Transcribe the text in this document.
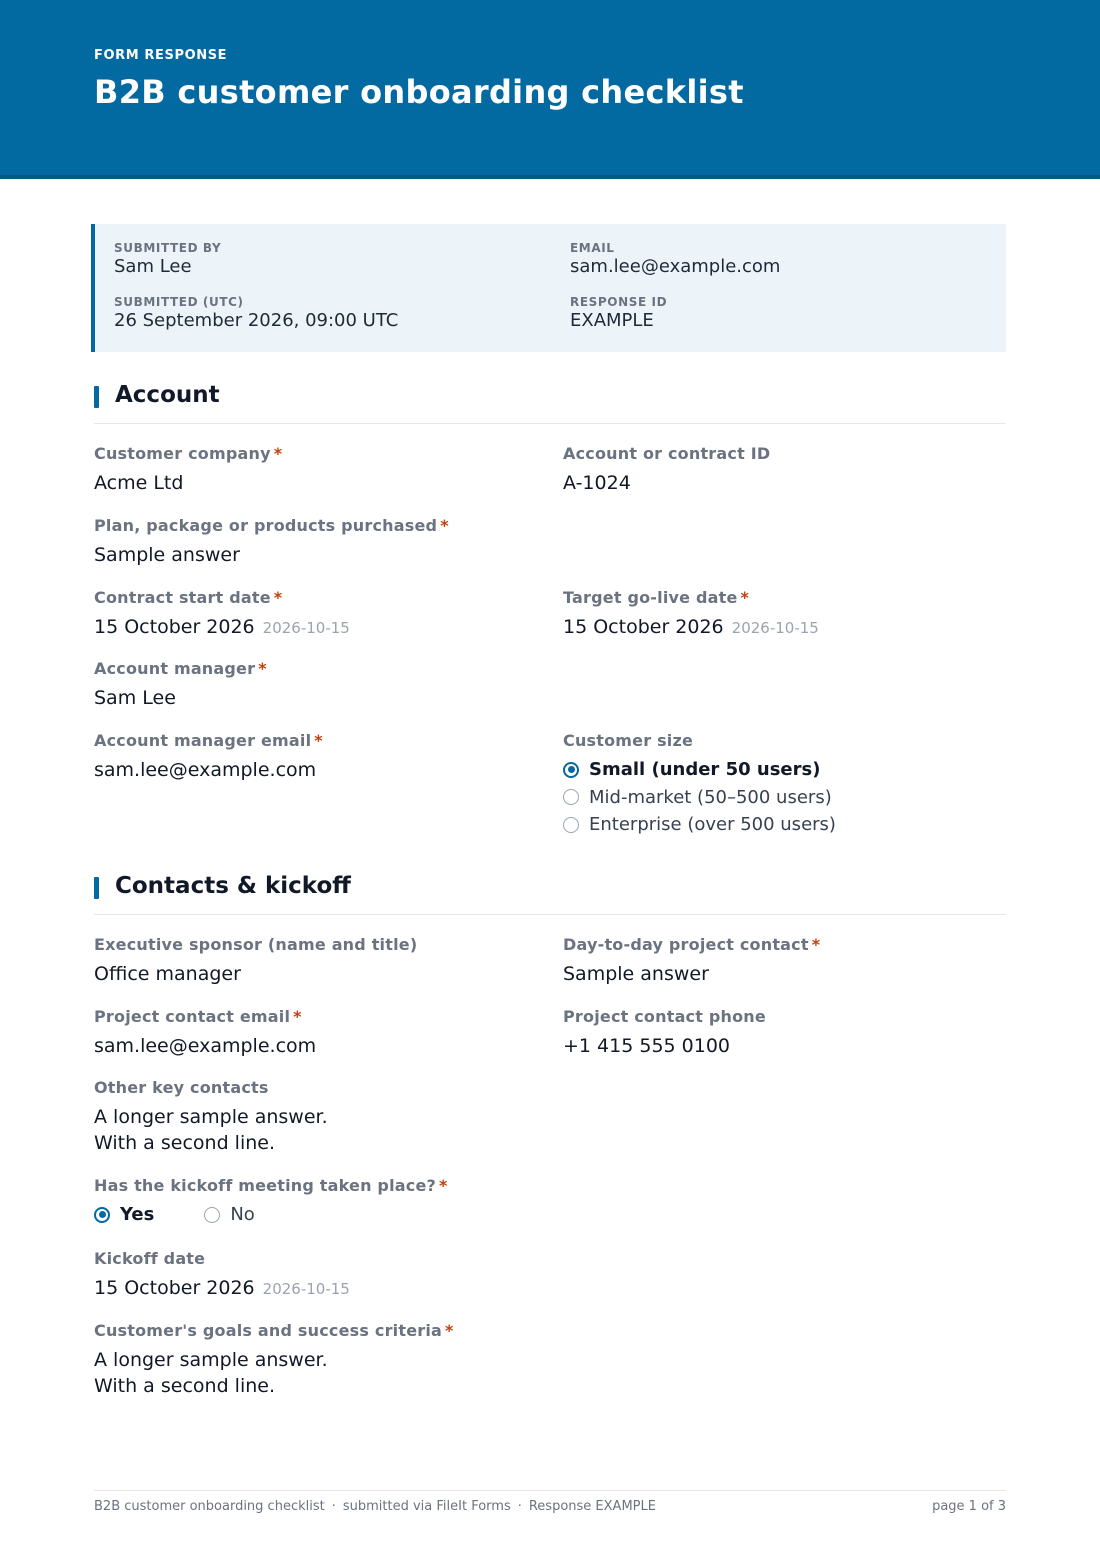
FORM RESPONSE
B2B customer onboarding checklist
SUBMITTED BY
Sam Lee
EMAIL
sam.lee@example.com
SUBMITTED (UTC)
26 September 2026, 09:00 UTC
RESPONSE ID
EXAMPLE
Account
Customer company *
Acme Ltd
Account or contract ID
A-1024
Plan, package or products purchased *
Sample answer
Contract start date *
15 October 2026 2026-10-15
Target go-live date *
15 October 2026 2026-10-15
Account manager *
Sam Lee
Account manager email *
sam.lee@example.com
Customer size
Small (under 50 users)
Mid-market (50–500 users)
Enterprise (over 500 users)
Contacts & kickoff
Executive sponsor (name and title)
Office manager
Day-to-day project contact *
Sample answer
Project contact email *
sam.lee@example.com
Project contact phone
+1 415 555 0100
Other key contacts
A longer sample answer.
With a second line.
Has the kickoff meeting taken place? *
Yes	No
Kickoff date
15 October 2026 2026-10-15
Customer's goals and success criteria *
A longer sample answer.
With a second line.
B2B customer onboarding checklist · submitted via FileIt Forms · Response EXAMPLE	page 1 of 3
